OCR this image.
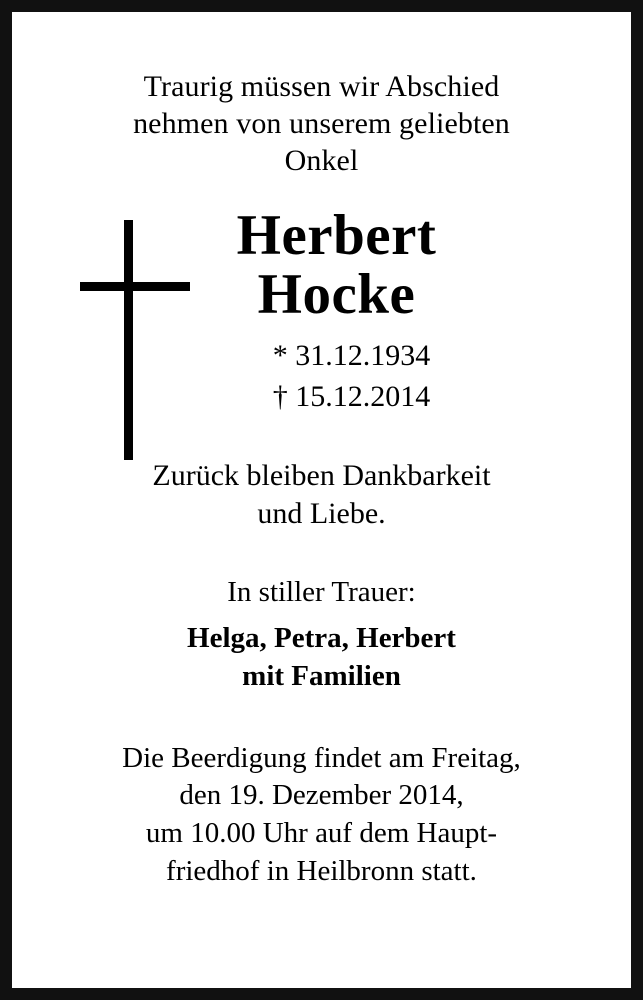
Traurig müssen wir Abschied
nehmen von unserem geliebten
Onkel
Herbert
Hocke
* 31.12.1934
† 15.12.2014
Zurück bleiben Dankbarkeit
und Liebe.
In stiller Trauer:
Helga, Petra, Herbert
mit Familien
Die Beerdigung findet am Freitag,
den 19. Dezember 2014,
um 10.00 Uhr auf dem Haupt-
friedhof in Heilbronn statt.
